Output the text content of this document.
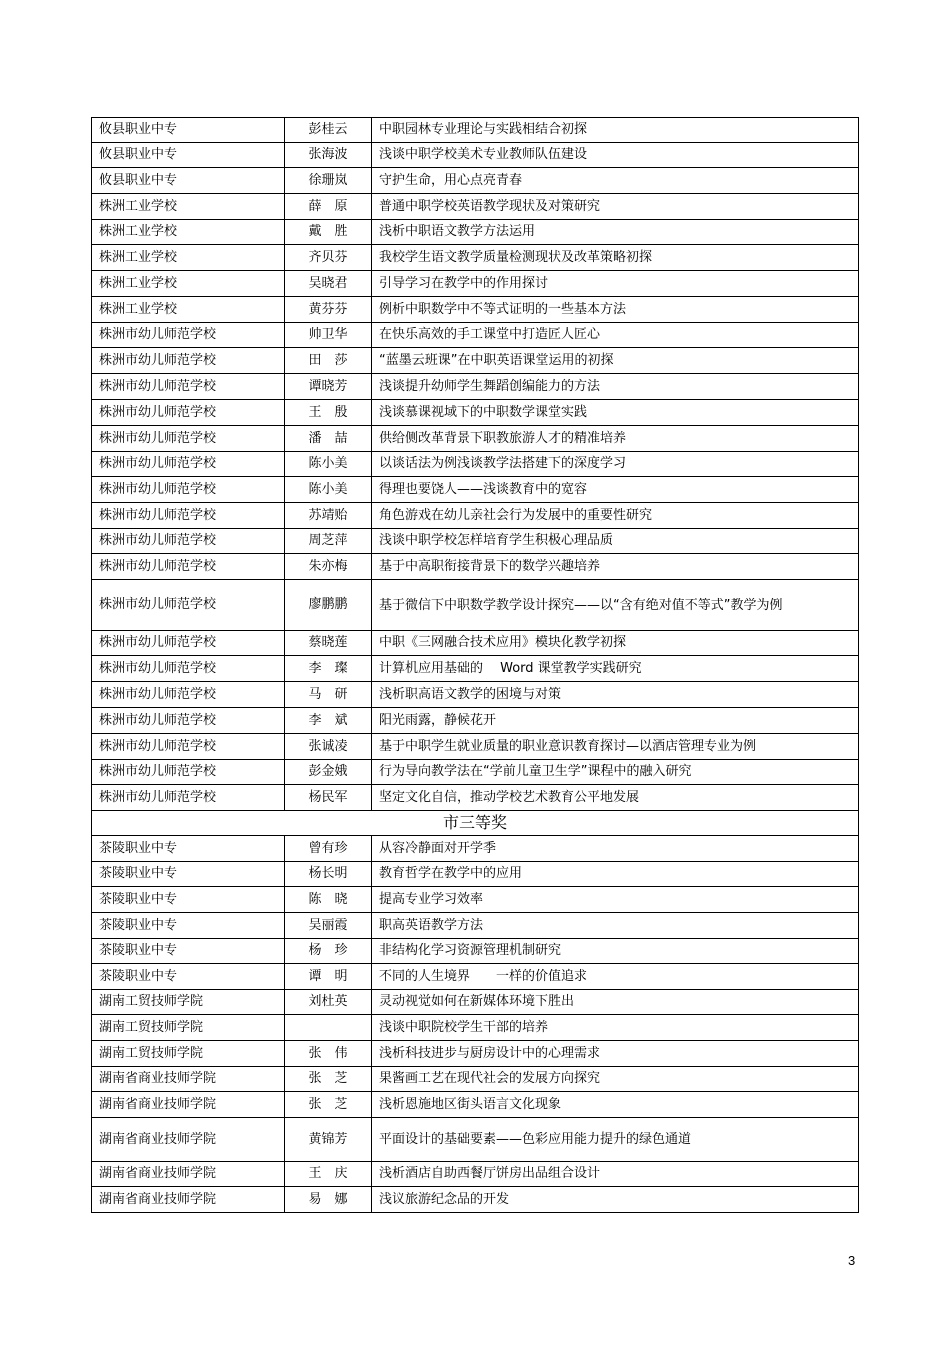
攸县职业中专	彭桂云	中职园林专业理论与实践相结合初探
攸县职业中专	张海波	浅谈中职学校美术专业教师队伍建设
攸县职业中专	徐珊岚	守护生命，用心点亮青春
株洲工业学校	薛　原	普通中职学校英语教学现状及对策研究
株洲工业学校	戴　胜	浅析中职语文教学方法运用
株洲工业学校	齐贝芬	我校学生语文教学质量检测现状及改革策略初探
株洲工业学校	吴晓君	引导学习在教学中的作用探讨
株洲工业学校	黄芬芬	例析中职数学中不等式证明的一些基本方法
株洲市幼儿师范学校	帅卫华	在快乐高效的手工课堂中打造匠人匠心
株洲市幼儿师范学校	田　莎	“蓝墨云班课”在中职英语课堂运用的初探
株洲市幼儿师范学校	谭晓芳	浅谈提升幼师学生舞蹈创编能力的方法
株洲市幼儿师范学校	王　殷	浅谈慕课视域下的中职数学课堂实践
株洲市幼儿师范学校	潘　喆	供给侧改革背景下职教旅游人才的精准培养
株洲市幼儿师范学校	陈小美	以谈话法为例浅谈教学法搭建下的深度学习
株洲市幼儿师范学校	陈小美	得理也要饶人——浅谈教育中的宽容
株洲市幼儿师范学校	苏靖贻	角色游戏在幼儿亲社会行为发展中的重要性研究
株洲市幼儿师范学校	周芝萍	浅谈中职学校怎样培育学生积极心理品质
株洲市幼儿师范学校	朱亦梅	基于中高职衔接背景下的数学兴趣培养
株洲市幼儿师范学校	廖鹏鹏	基于微信下中职数学教学设计探究——以“含有绝对值不等式”教学为例
株洲市幼儿师范学校	蔡晓莲	中职《三网融合技术应用》模块化教学初探
株洲市幼儿师范学校	李　璨	计算机应用基础的　 Word 课堂教学实践研究
株洲市幼儿师范学校	马　研	浅析职高语文教学的困境与对策
株洲市幼儿师范学校	李　斌	阳光雨露，静候花开
株洲市幼儿师范学校	张诚凌	基于中职学生就业质量的职业意识教育探讨—以酒店管理专业为例
株洲市幼儿师范学校	彭金娥	行为导向教学法在“学前儿童卫生学”课程中的融入研究
株洲市幼儿师范学校	杨民军	坚定文化自信，推动学校艺术教育公平地发展
市三等奖		
茶陵职业中专	曾有珍	从容冷静面对开学季
茶陵职业中专	杨长明	教育哲学在教学中的应用
茶陵职业中专	陈　晓	提高专业学习效率
茶陵职业中专	吴丽霞	职高英语教学方法
茶陵职业中专	杨　珍	非结构化学习资源管理机制研究
茶陵职业中专	谭　明	不同的人生境界　　一样的价值追求
湖南工贸技师学院	刘杜英	灵动视觉如何在新媒体环境下胜出
湖南工贸技师学院		浅谈中职院校学生干部的培养
湖南工贸技师学院	张　伟	浅析科技进步与厨房设计中的心理需求
湖南省商业技师学院	张　芝	果酱画工艺在现代社会的发展方向探究
湖南省商业技师学院	张　芝	浅析恩施地区街头语言文化现象
湖南省商业技师学院	黄锦芳	平面设计的基础要素——色彩应用能力提升的绿色通道
湖南省商业技师学院	王　庆	浅析酒店自助西餐厅饼房出品组合设计
湖南省商业技师学院	易　娜	浅议旅游纪念品的开发
3
